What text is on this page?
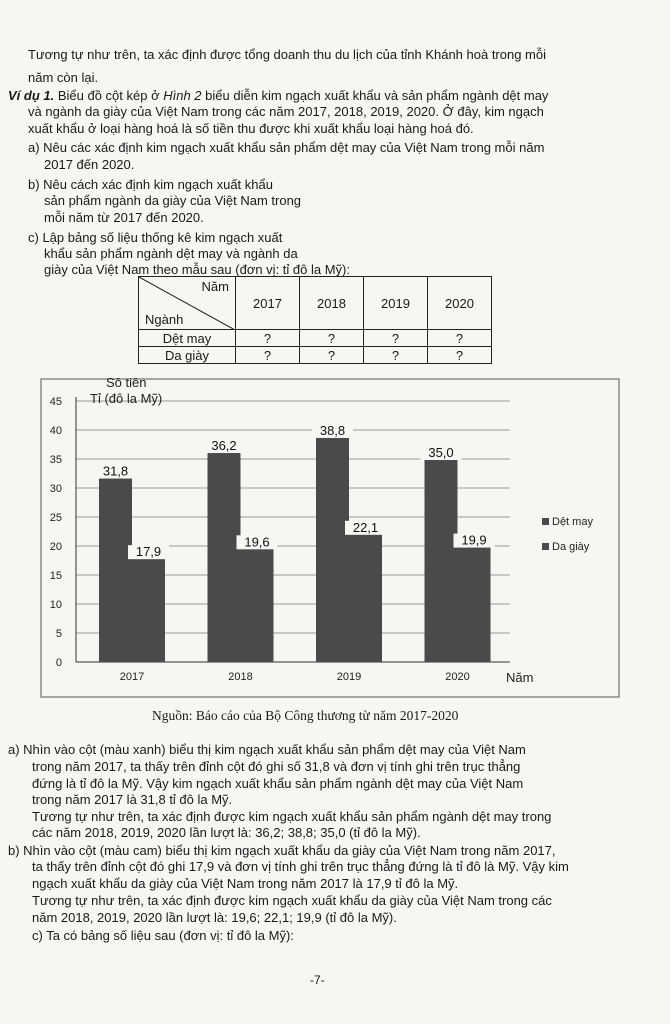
Tương tự như trên, ta xác định được tổng doanh thu du lịch của tỉnh Khánh hoà trong mỗi

năm còn lại.

Ví dụ 1. Biểu đồ cột kép ở Hình 2 biểu diễn kim ngạch xuất khẩu và sản phẩm ngành dệt may

và ngành da giày của Việt Nam trong các năm 2017, 2018, 2019, 2020. Ở đây, kim ngạch

xuất khẩu ở loại hàng hoá là số tiền thu được khi xuất khẩu loại hàng hoá đó.

a) Nêu các xác định kim ngạch xuất khẩu sản phẩm dệt may của Việt Nam trong mỗi năm

2017 đến 2020.

b) Nêu cách xác định kim ngạch xuất khẩu

sản phẩm ngành da giày của Việt Nam trong

mỗi năm từ 2017 đến 2020.

c) Lập bảng số liệu thống kê kim ngạch xuất

khẩu sản phẩm ngành dệt may và ngành da

giày của Việt Nam theo mẫu sau (đơn vị: tỉ đô la Mỹ):

Năm
Ngành	2017	2018	2019	2020
Dệt may	?	?	?	?
Da giày	?	?	?	?
0
5
10
15
20
25
30
35
40
45
Số tiền
Tỉ (đô la Mỹ)
31,8
17,9
2017
36,2
19,6
2018
38,8
22,1
2019
35,0
19,9
2020	Năm
Dệt may
Da giày

Nguồn: Báo cáo của Bộ Công thương từ năm 2017-2020

a) Nhìn vào cột (màu xanh) biểu thị kim ngạch xuất khẩu sản phẩm dệt may của Việt Nam

trong năm 2017, ta thấy trên đỉnh cột đó ghi số 31,8 và đơn vị tính ghi trên trục thẳng

đứng là tỉ đô la Mỹ. Vậy kim ngạch xuất khẩu sản phẩm ngành dệt may của Việt Nam

trong năm 2017 là 31,8 tỉ đô la Mỹ.

Tương tự như trên, ta xác định được kim ngạch xuất khẩu sản phẩm ngành dệt may trong

các năm 2018, 2019, 2020 lần lượt là: 36,2; 38,8; 35,0 (tỉ đô la Mỹ).

b) Nhìn vào cột (màu cam) biểu thị kim ngạch xuất khẩu da giày của Việt Nam trong năm 2017,

ta thấy trên đỉnh cột đó ghi 17,9 và đơn vị tính ghi trên trục thẳng đứng là tỉ đô là Mỹ. Vậy kim

ngạch xuất khẩu da giày của Việt Nam trong năm 2017 là 17,9 tỉ đô la Mỹ.

Tương tự như trên, ta xác định được kim ngạch xuất khẩu da giày của Việt Nam trong các

năm 2018, 2019, 2020 lần lượt là: 19,6; 22,1; 19,9 (tỉ đô la Mỹ).

c) Ta có bảng số liệu sau (đơn vị: tỉ đô la Mỹ):

-7-
